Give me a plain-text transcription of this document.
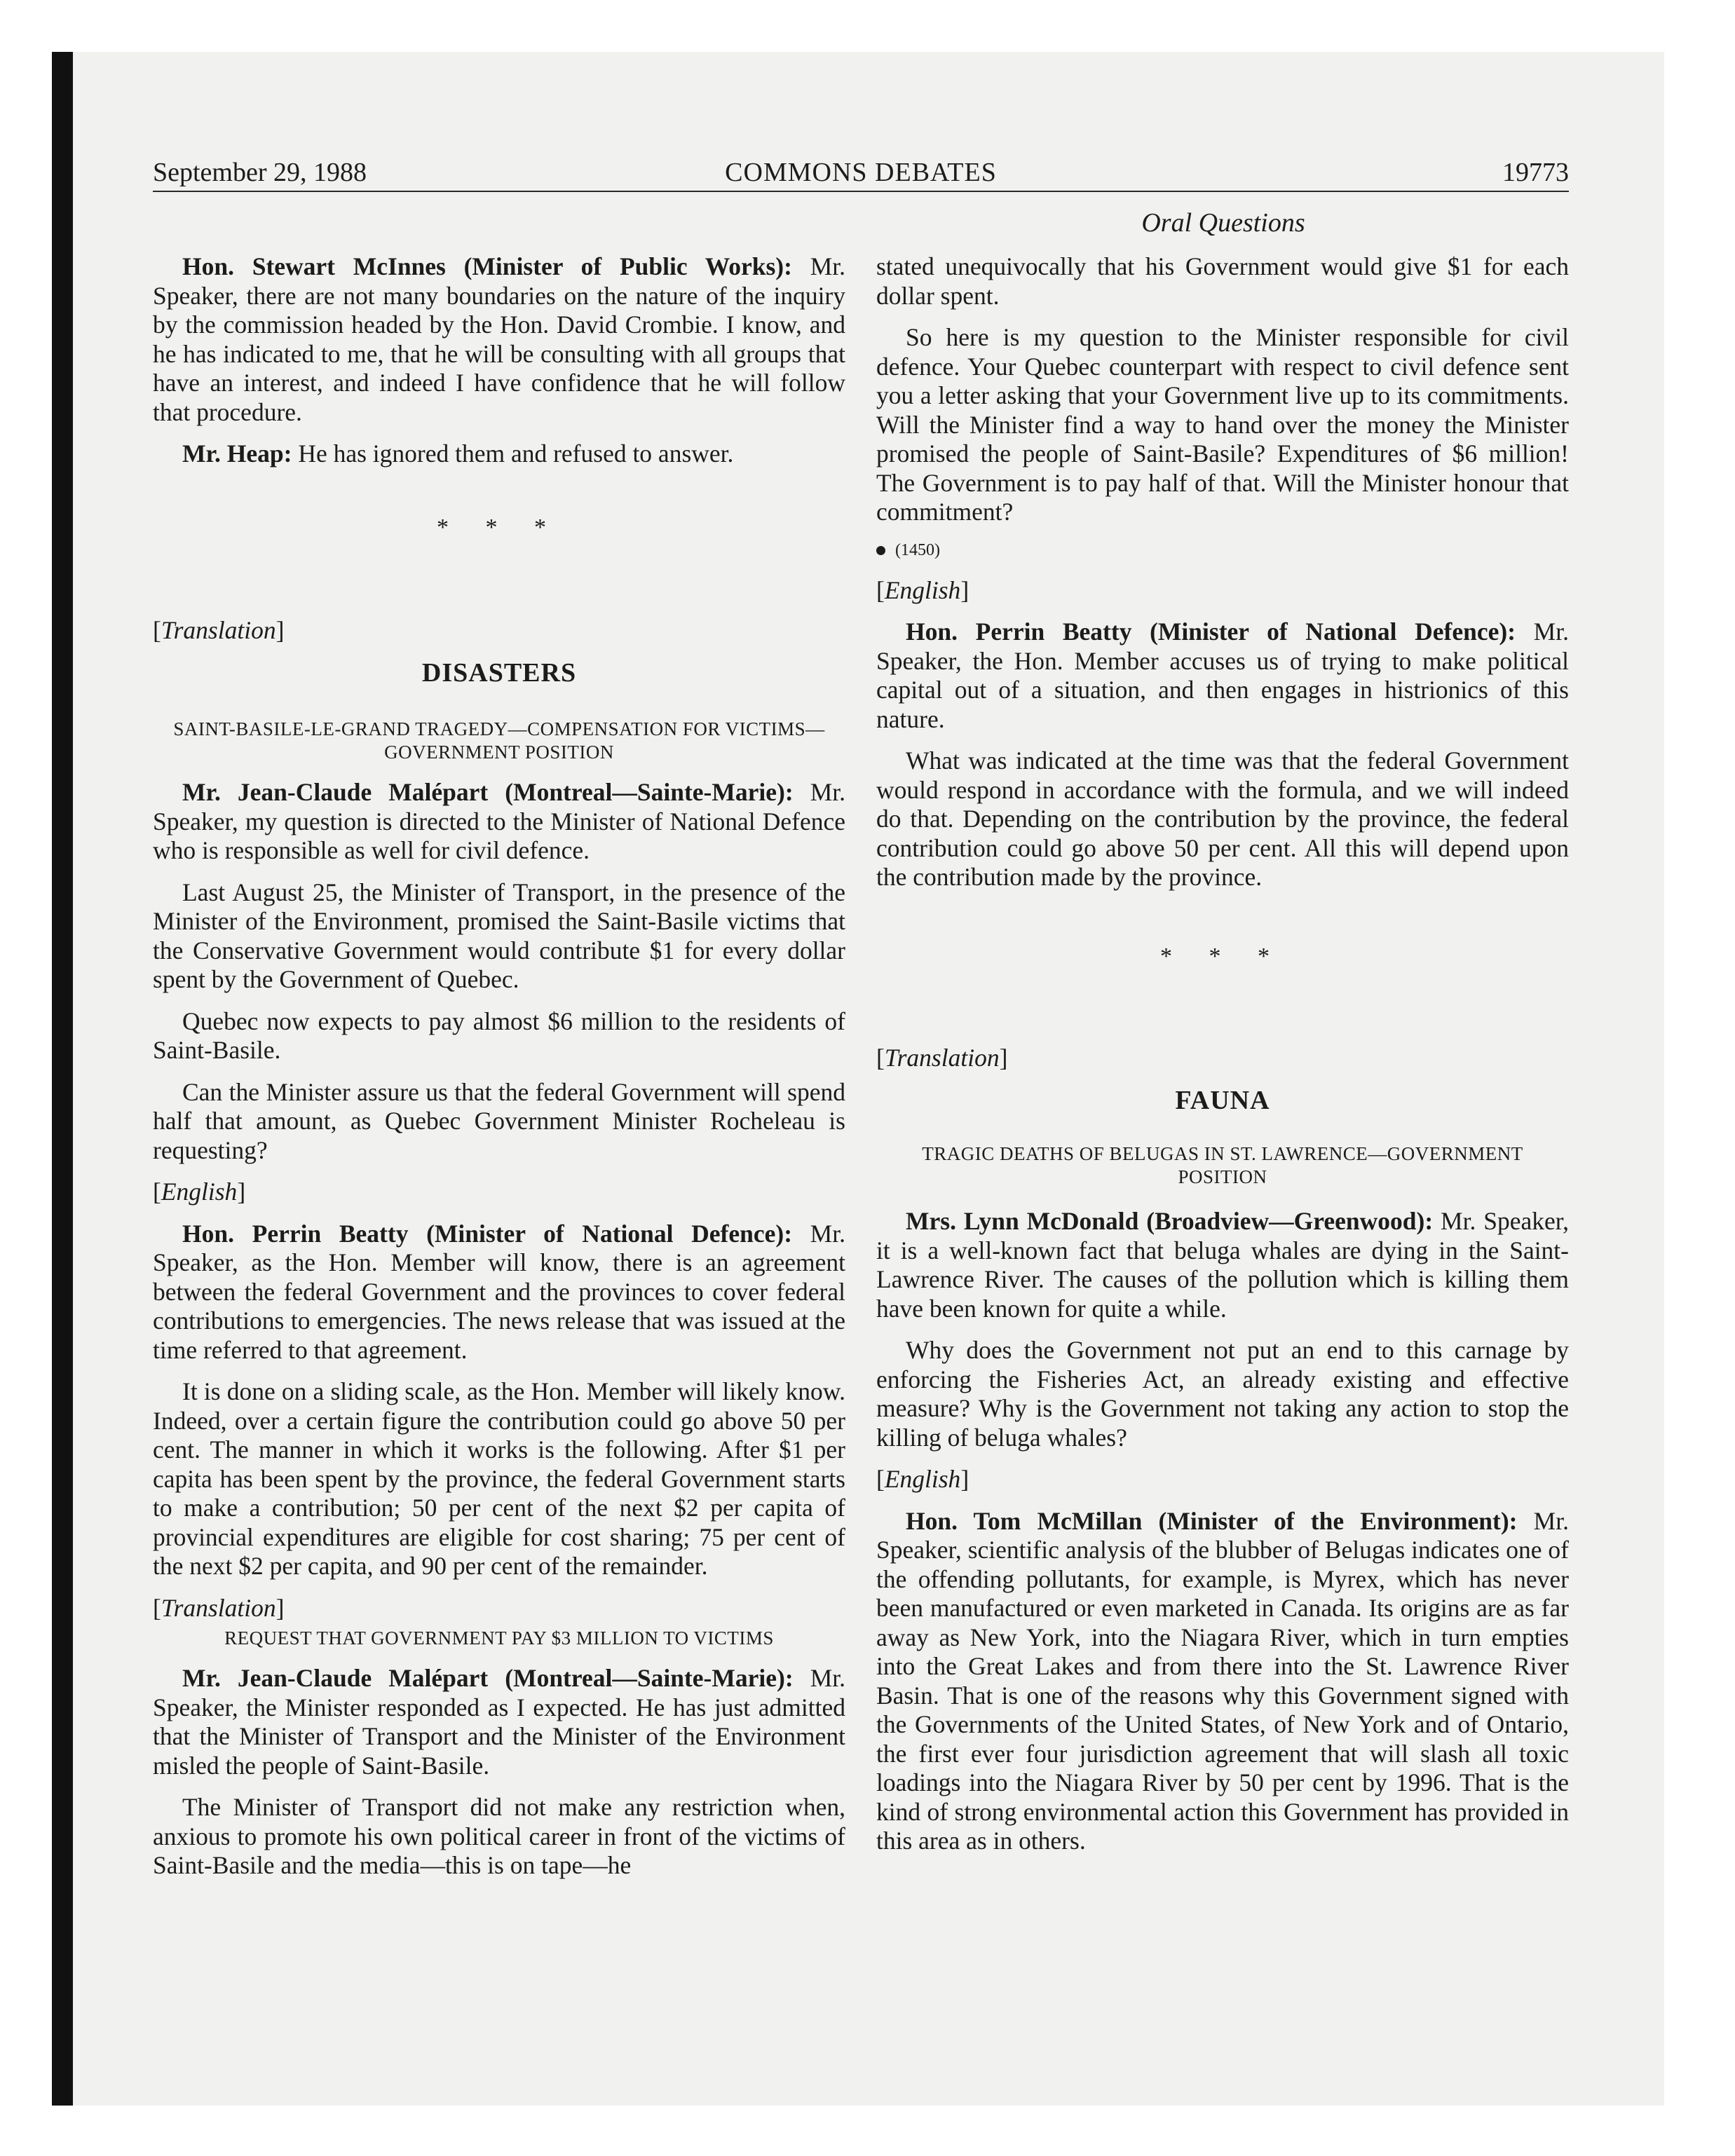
September 29, 1988	COMMONS DEBATES	19773
Oral Questions

Hon. Stewart McInnes (Minister of Public Works): Mr. Speaker, there are not many boundaries on the nature of the inquiry by the commission headed by the Hon. David Crombie. I know, and he has indicated to me, that he will be consulting with all groups that have an interest, and indeed I have confidence that he will follow that procedure.

Mr. Heap: He has ignored them and refused to answer.

* * *
[Translation]
DISASTERS
SAINT-BASILE-LE-GRAND TRAGEDY—COMPENSATION FOR VICTIMS—GOVERNMENT POSITION

Mr. Jean-Claude Malépart (Montreal—Sainte-Marie): Mr. Speaker, my question is directed to the Minister of National Defence who is responsible as well for civil defence.

Last August 25, the Minister of Transport, in the presence of the Minister of the Environment, promised the Saint-Basile victims that the Conservative Government would contribute $1 for every dollar spent by the Government of Quebec.

Quebec now expects to pay almost $6 million to the residents of Saint-Basile.

Can the Minister assure us that the federal Government will spend half that amount, as Quebec Government Minister Rocheleau is requesting?

[English]

Hon. Perrin Beatty (Minister of National Defence): Mr. Speaker, as the Hon. Member will know, there is an agreement between the federal Government and the provinces to cover federal contributions to emergencies. The news release that was issued at the time referred to that agreement.

It is done on a sliding scale, as the Hon. Member will likely know. Indeed, over a certain figure the contribution could go above 50 per cent. The manner in which it works is the following. After $1 per capita has been spent by the province, the federal Government starts to make a contribution; 50 per cent of the next $2 per capita of provincial expenditures are eligible for cost sharing; 75 per cent of the next $2 per capita, and 90 per cent of the remainder.

[Translation]
REQUEST THAT GOVERNMENT PAY $3 MILLION TO VICTIMS

Mr. Jean-Claude Malépart (Montreal—Sainte-Marie): Mr. Speaker, the Minister responded as I expected. He has just admitted that the Minister of Transport and the Minister of the Environment misled the people of Saint-Basile.

The Minister of Transport did not make any restriction when, anxious to promote his own political career in front of the victims of Saint-Basile and the media—this is on tape—he

stated unequivocally that his Government would give $1 for each dollar spent.

So here is my question to the Minister responsible for civil defence. Your Quebec counterpart with respect to civil defence sent you a letter asking that your Government live up to its commitments. Will the Minister find a way to hand over the money the Minister promised the people of Saint-Basile? Expenditures of $6 million! The Government is to pay half of that. Will the Minister honour that commitment?

(1450)
[English]

Hon. Perrin Beatty (Minister of National Defence): Mr. Speaker, the Hon. Member accuses us of trying to make political capital out of a situation, and then engages in histrionics of this nature.

What was indicated at the time was that the federal Government would respond in accordance with the formula, and we will indeed do that. Depending on the contribution by the province, the federal contribution could go above 50 per cent. All this will depend upon the contribution made by the province.

* * *
[Translation]
FAUNA
TRAGIC DEATHS OF BELUGAS IN ST. LAWRENCE—GOVERNMENT POSITION

Mrs. Lynn McDonald (Broadview—Greenwood): Mr. Speaker, it is a well-known fact that beluga whales are dying in the Saint-Lawrence River. The causes of the pollution which is killing them have been known for quite a while.

Why does the Government not put an end to this carnage by enforcing the Fisheries Act, an already existing and effective measure? Why is the Government not taking any action to stop the killing of beluga whales?

[English]

Hon. Tom McMillan (Minister of the Environment): Mr. Speaker, scientific analysis of the blubber of Belugas indicates one of the offending pollutants, for example, is Myrex, which has never been manufactured or even marketed in Canada. Its origins are as far away as New York, into the Niagara River, which in turn empties into the Great Lakes and from there into the St. Lawrence River Basin. That is one of the reasons why this Government signed with the Governments of the United States, of New York and of Ontario, the first ever four jurisdiction agreement that will slash all toxic loadings into the Niagara River by 50 per cent by 1996. That is the kind of strong environmental action this Government has provided in this area as in others.
